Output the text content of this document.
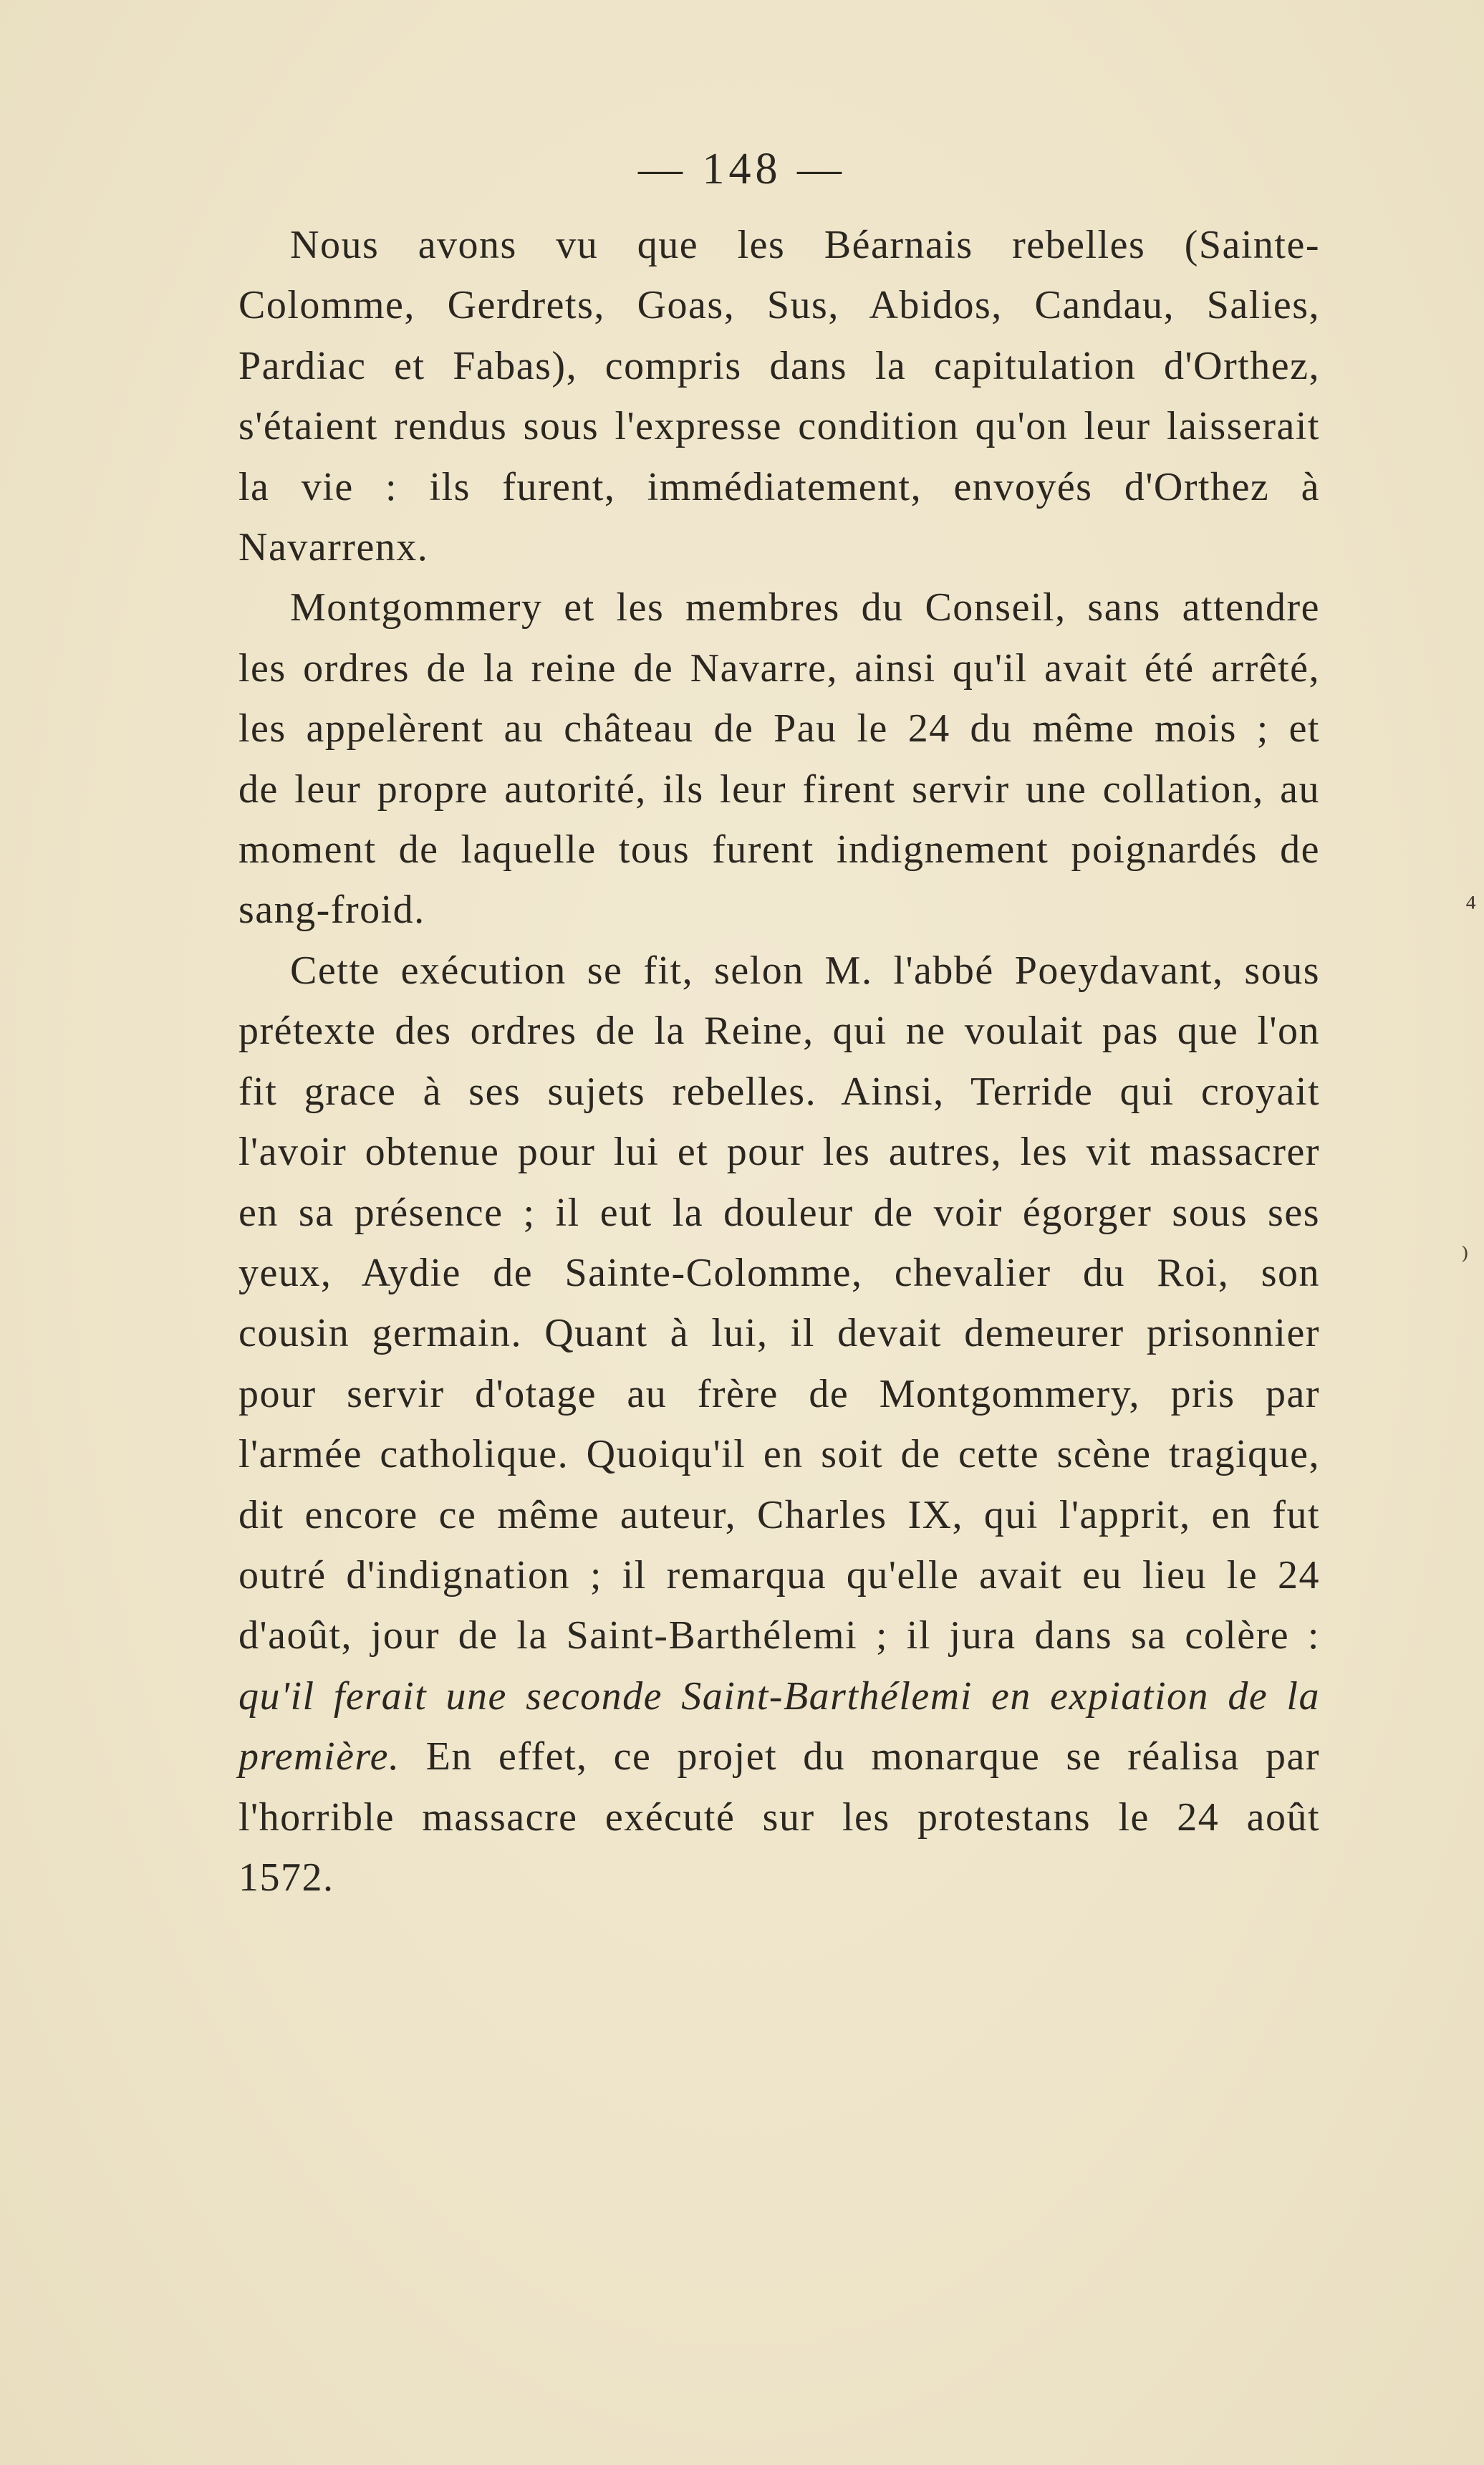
— 148 —

Nous avons vu que les Béarnais rebelles (Sainte-Colomme, Gerdrets, Goas, Sus, Abidos, Candau, Salies, Pardiac et Fabas), compris dans la capitulation d'Orthez, s'étaient rendus sous l'expresse condition qu'on leur laisserait la vie : ils furent, immédiatement, envoyés d'Orthez à Navarrenx.

Montgommery et les membres du Conseil, sans attendre les ordres de la reine de Navarre, ainsi qu'il avait été arrêté, les appelèrent au château de Pau le 24 du même mois ; et de leur propre autorité, ils leur firent servir une collation, au moment de laquelle tous furent indignement poignardés de sang-froid.

Cette exécution se fit, selon M. l'abbé Poeydavant, sous prétexte des ordres de la Reine, qui ne voulait pas que l'on fit grace à ses sujets rebelles. Ainsi, Terride qui croyait l'avoir obtenue pour lui et pour les autres, les vit massacrer en sa présence ; il eut la douleur de voir égorger sous ses yeux, Aydie de Sainte-Colomme, chevalier du Roi, son cousin germain. Quant à lui, il devait demeurer prisonnier pour servir d'otage au frère de Montgommery, pris par l'armée catholique. Quoiqu'il en soit de cette scène tragique, dit encore ce même auteur, Charles IX, qui l'apprit, en fut outré d'indignation ; il remarqua qu'elle avait eu lieu le 24 d'août, jour de la Saint-Barthélemi ; il jura dans sa colère : qu'il ferait une seconde Saint-Barthélemi en expiation de la première. En effet, ce projet du monarque se réalisa par l'horrible massacre exécuté sur les protestans le 24 août 1572.

⁴
⁾
